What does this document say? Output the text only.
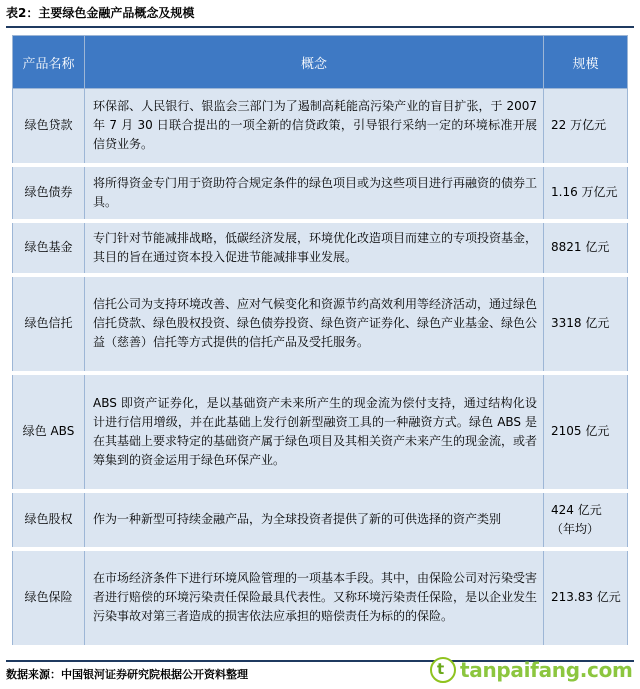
表2：主要绿色金融产品概念及规模
产品名称	概念	规模
绿色贷款	环保部、人民银行、银监会三部门为了遏制高耗能高污染产业的盲目扩张，于 2007 年 7 月 30 日联合提出的一项全新的信贷政策，引导银行采纳一定的环境标准开展信贷业务。	22 万亿元
绿色债券	将所得资金专门用于资助符合规定条件的绿色项目或为这些项目进行再融资的债券工具。	1.16 万亿元
绿色基金	专门针对节能减排战略，低碳经济发展，环境优化改造项目而建立的专项投资基金，其目的旨在通过资本投入促进节能减排事业发展。	8821 亿元
绿色信托	信托公司为支持环境改善、应对气候变化和资源节约高效利用等经济活动，通过绿色信托贷款、绿色股权投资、绿色债券投资、绿色资产证券化、绿色产业基金、绿色公益（慈善）信托等方式提供的信托产品及受托服务。	3318 亿元
绿色 ABS	ABS 即资产证券化，是以基础资产未来所产生的现金流为偿付支持，通过结构化设计进行信用增级，并在此基础上发行创新型融资工具的一种融资方式。绿色 ABS 是在其基础上要求特定的基础资产属于绿色项目及其相关资产未来产生的现金流，或者筹集到的资金运用于绿色环保产业。	2105 亿元
绿色股权	作为一种新型可持续金融产品，为全球投资者提供了新的可供选择的资产类别	424 亿元（年均）
绿色保险	在市场经济条件下进行环境风险管理的一项基本手段。其中，由保险公司对污染受害者进行赔偿的环境污染责任保险最具代表性。又称环境污染责任保险，是以企业发生污染事故对第三者造成的损害依法应承担的赔偿责任为标的的保险。	213.83 亿元
数据来源：中国银河证券研究院根据公开资料整理	t tanpaifang.com
